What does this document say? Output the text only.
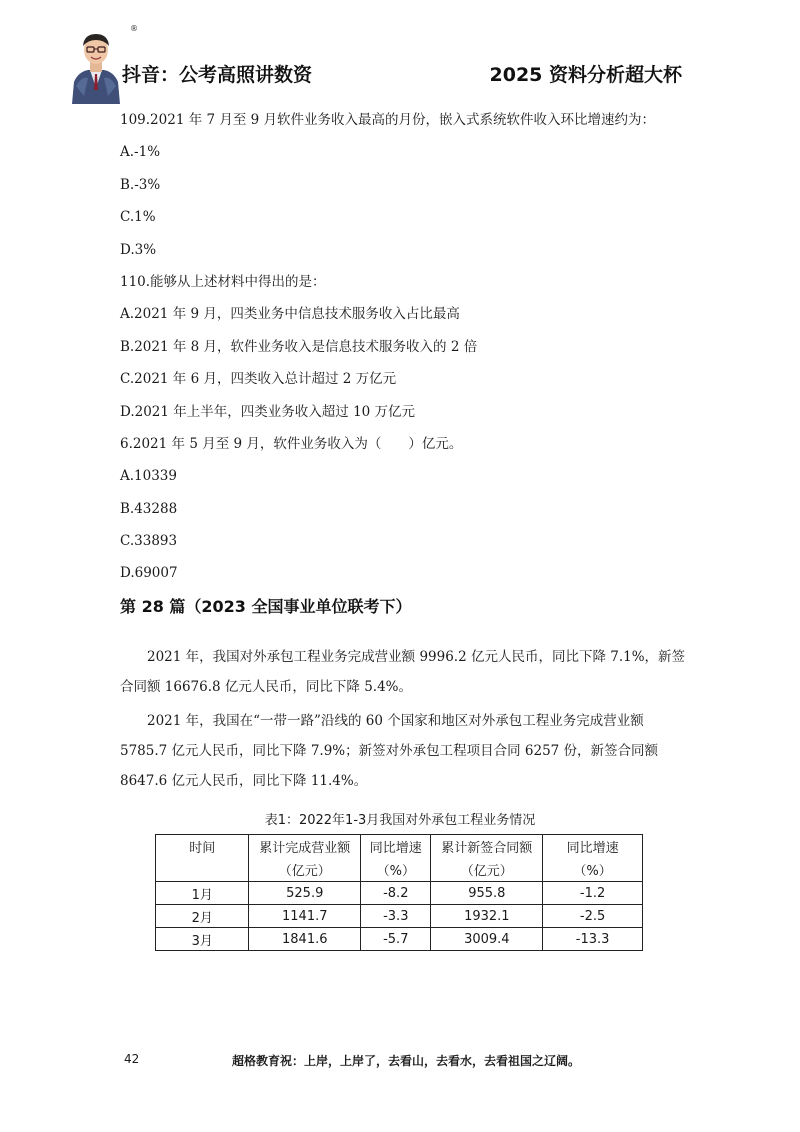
®
抖音：公考高照讲数资	2025 资料分析超大杯
109.2021 年 7 月至 9 月软件业务收入最高的月份，嵌入式系统软件收入环比增速约为：
A.-1%
B.-3%
C.1%
D.3%
110.能够从上述材料中得出的是：
A.2021 年 9 月，四类业务中信息技术服务收入占比最高
B.2021 年 8 月，软件业务收入是信息技术服务收入的 2 倍
C.2021 年 6 月，四类收入总计超过 2 万亿元
D.2021 年上半年，四类业务收入超过 10 万亿元
6.2021 年 5 月至 9 月，软件业务收入为（　　）亿元。
A.10339
B.43288
C.33893
D.69007
第 28 篇（2023 全国事业单位联考下）
2021 年，我国对外承包工程业务完成营业额 9996.2 亿元人民币，同比下降 7.1%，新签合同额 16676.8 亿元人民币，同比下降 5.4%。
2021 年，我国在“一带一路”沿线的 60 个国家和地区对外承包工程业务完成营业额 5785.7 亿元人民币，同比下降 7.9%；新签对外承包工程项目合同 6257 份，新签合同额 8647.6 亿元人民币，同比下降 11.4%。
表1：2022年1-3月我国对外承包工程业务情况
时间	累计完成营业额	同比增速	累计新签合同额	同比增速
	（亿元）	（%）	（亿元）	（%）
1月	525.9	-8.2	955.8	-1.2
2月	1141.7	-3.3	1932.1	-2.5
3月	1841.6	-5.7	3009.4	-13.3
42	超格教育祝：上岸，上岸了，去看山，去看水，去看祖国之辽阔。
